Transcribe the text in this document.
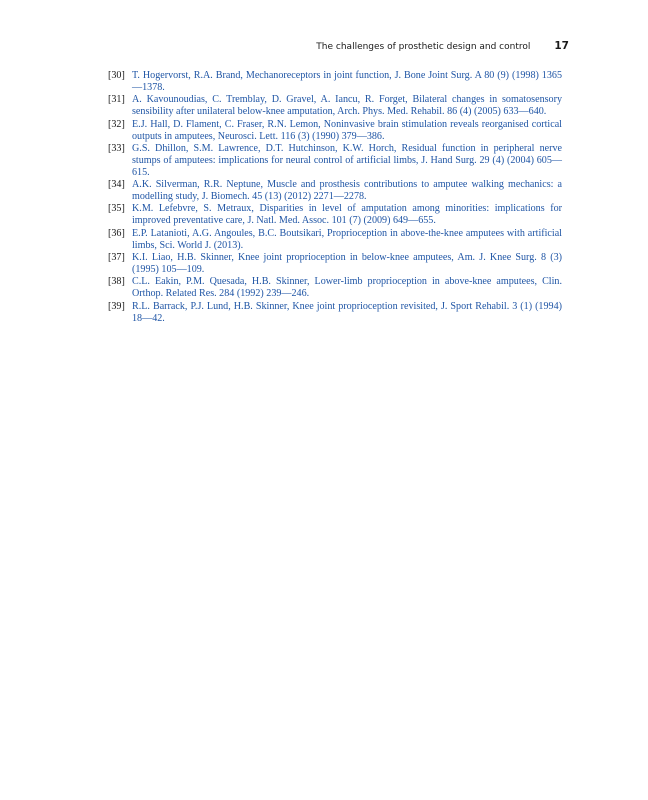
The challenges of prosthetic design and control 17
[30] T. Hogervorst, R.A. Brand, Mechanoreceptors in joint function, J. Bone Joint Surg. A 80 (9) (1998) 1365—1378.
[31] A. Kavounoudias, C. Tremblay, D. Gravel, A. Iancu, R. Forget, Bilateral changes in somatosensory sensibility after unilateral below-knee amputation, Arch. Phys. Med. Rehabil. 86 (4) (2005) 633—640.
[32] E.J. Hall, D. Flament, C. Fraser, R.N. Lemon, Noninvasive brain stimulation reveals reorganised cortical outputs in amputees, Neurosci. Lett. 116 (3) (1990) 379—386.
[33] G.S. Dhillon, S.M. Lawrence, D.T. Hutchinson, K.W. Horch, Residual function in peripheral nerve stumps of amputees: implications for neural control of artificial limbs, J. Hand Surg. 29 (4) (2004) 605—615.
[34] A.K. Silverman, R.R. Neptune, Muscle and prosthesis contributions to amputee walking mechanics: a modelling study, J. Biomech. 45 (13) (2012) 2271—2278.
[35] K.M. Lefebvre, S. Metraux, Disparities in level of amputation among minorities: implications for improved preventative care, J. Natl. Med. Assoc. 101 (7) (2009) 649—655.
[36] E.P. Latanioti, A.G. Angoules, B.C. Boutsikari, Proprioception in above-the-knee amputees with artificial limbs, Sci. World J. (2013).
[37] K.I. Liao, H.B. Skinner, Knee joint proprioception in below-knee amputees, Am. J. Knee Surg. 8 (3) (1995) 105—109.
[38] C.L. Eakin, P.M. Quesada, H.B. Skinner, Lower-limb proprioception in above-knee amputees, Clin. Orthop. Related Res. 284 (1992) 239—246.
[39] R.L. Barrack, P.J. Lund, H.B. Skinner, Knee joint proprioception revisited, J. Sport Rehabil. 3 (1) (1994) 18—42.
